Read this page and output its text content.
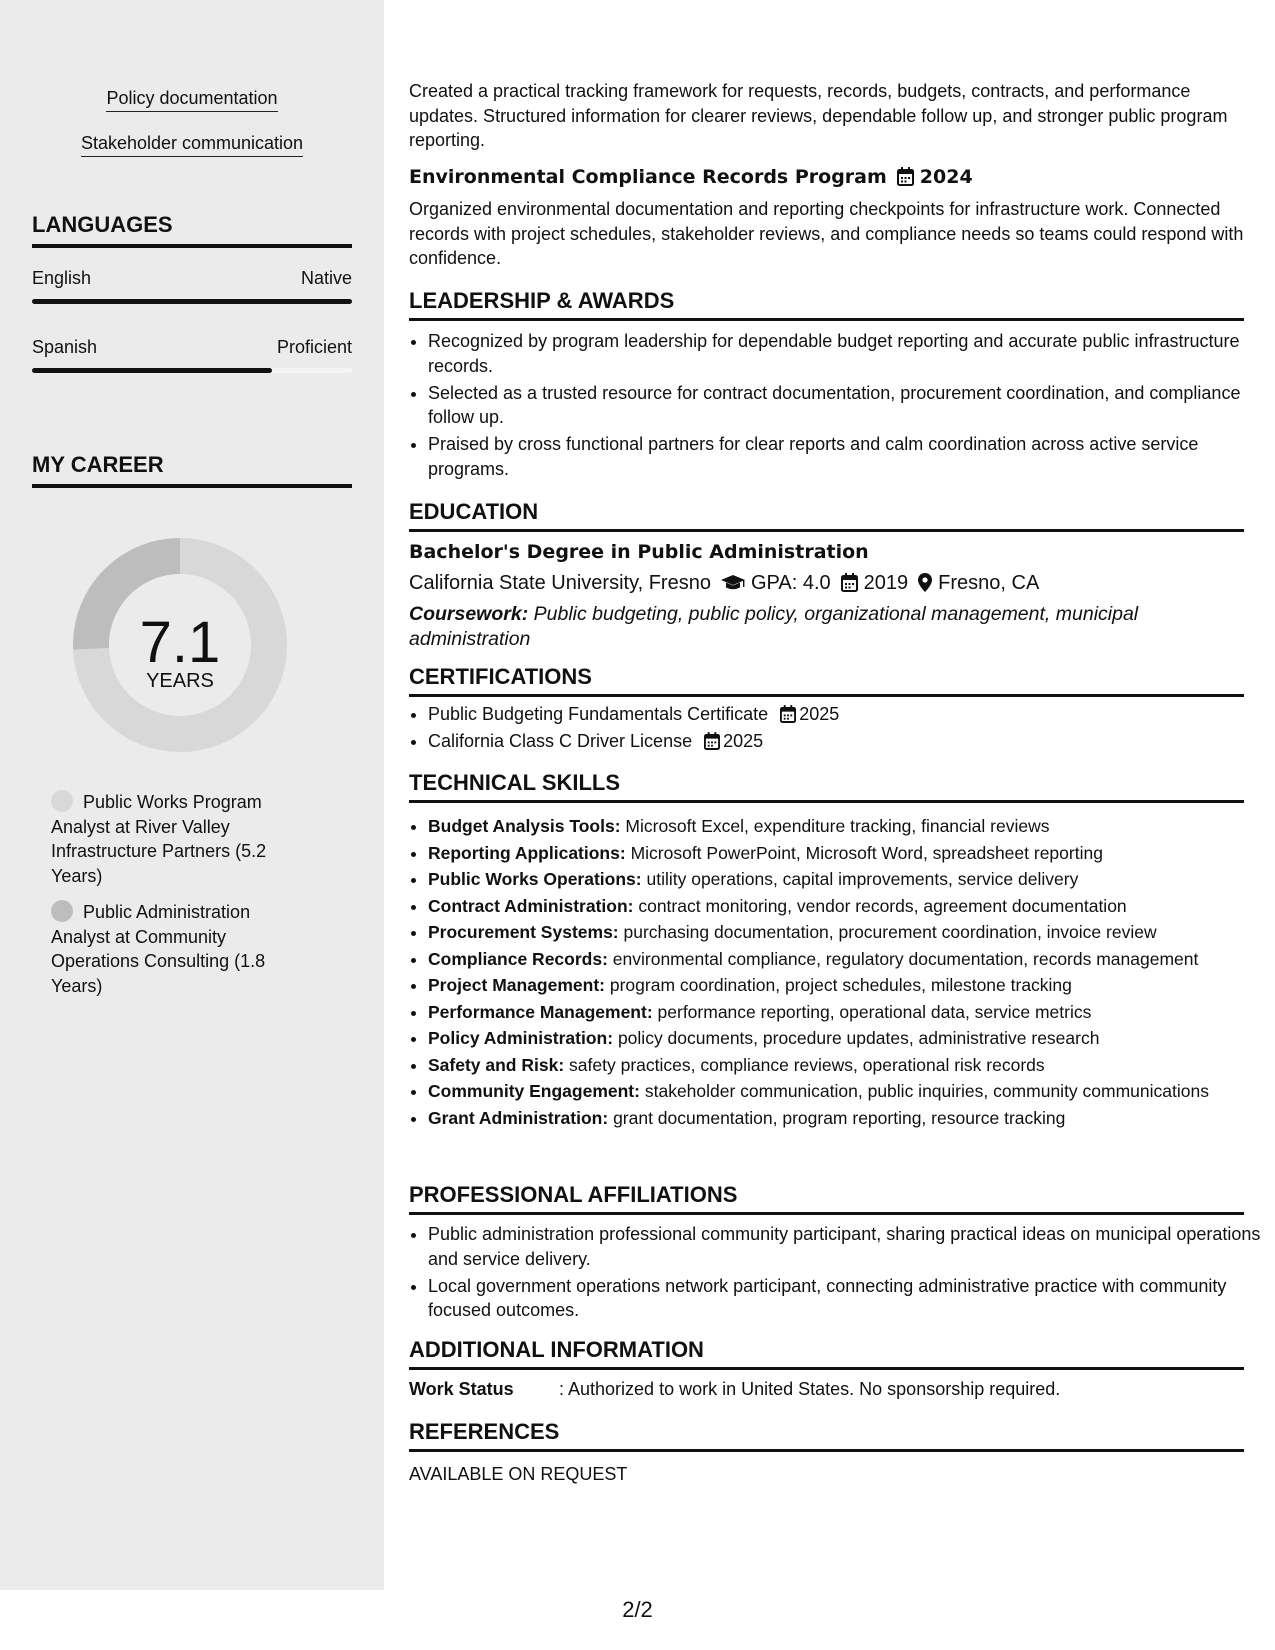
Policy documentation
Stakeholder communication
LANGUAGES
English	Native
Spanish	Proficient
MY CAREER
7.1
YEARS
Public Works Program Analyst at River Valley Infrastructure Partners (5.2 Years)
Public Administration Analyst at Community Operations Consulting (1.8 Years)
Created a practical tracking framework for requests, records, budgets, contracts, and performance updates. Structured information for clearer reviews, dependable follow up, and stronger public program reporting.
Environmental Compliance Records Program 2024
Organized environmental documentation and reporting checkpoints for infrastructure work. Connected records with project schedules, stakeholder reviews, and compliance needs so teams could respond with confidence.
LEADERSHIP & AWARDS
• Recognized by program leadership for dependable budget reporting and accurate public infrastructure records.
• Selected as a trusted resource for contract documentation, procurement coordination, and compliance follow up.
• Praised by cross functional partners for clear reports and calm coordination across active service programs.
EDUCATION
Bachelor's Degree in Public Administration
California State University, Fresno GPA: 4.0 2019 Fresno, CA
Coursework: Public budgeting, public policy, organizational management, municipal administration
CERTIFICATIONS
• Public Budgeting Fundamentals Certificate 2025
• California Class C Driver License 2025
TECHNICAL SKILLS
• Budget Analysis Tools: Microsoft Excel, expenditure tracking, financial reviews
• Reporting Applications: Microsoft PowerPoint, Microsoft Word, spreadsheet reporting
• Public Works Operations: utility operations, capital improvements, service delivery
• Contract Administration: contract monitoring, vendor records, agreement documentation
• Procurement Systems: purchasing documentation, procurement coordination, invoice review
• Compliance Records: environmental compliance, regulatory documentation, records management
• Project Management: program coordination, project schedules, milestone tracking
• Performance Management: performance reporting, operational data, service metrics
• Policy Administration: policy documents, procedure updates, administrative research
• Safety and Risk: safety practices, compliance reviews, operational risk records
• Community Engagement: stakeholder communication, public inquiries, community communications
• Grant Administration: grant documentation, program reporting, resource tracking
PROFESSIONAL AFFILIATIONS
• Public administration professional community participant, sharing practical ideas on municipal operations and service delivery.
• Local government operations network participant, connecting administrative practice with community focused outcomes.
ADDITIONAL INFORMATION
Work Status	: Authorized to work in United States. No sponsorship required.
REFERENCES
AVAILABLE ON REQUEST
2/2
